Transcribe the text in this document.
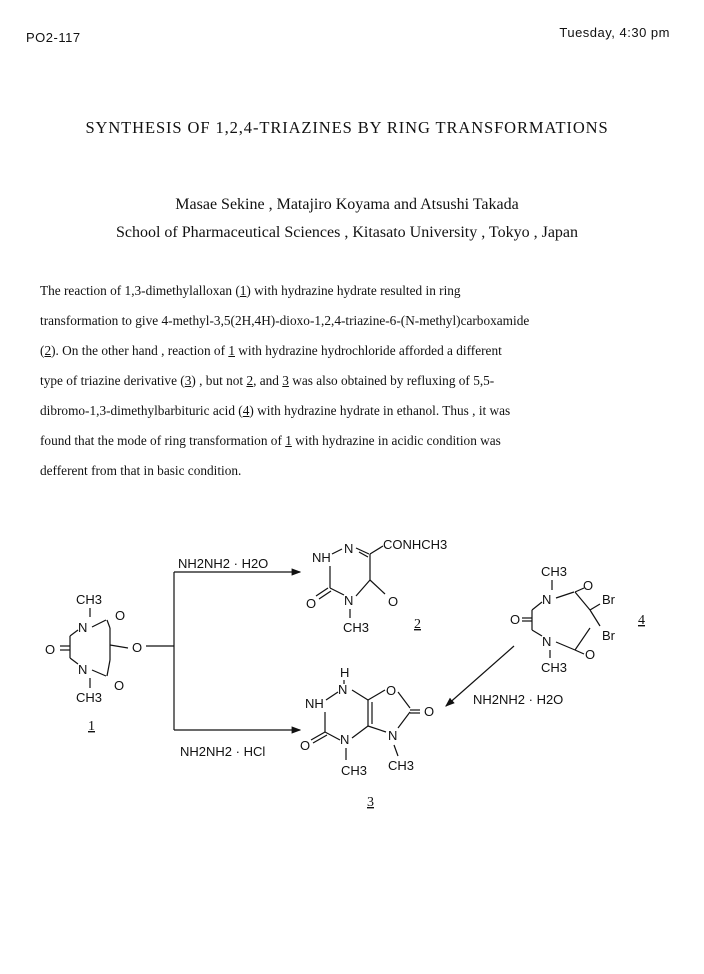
PO2-117	Tuesday, 4:30 pm
SYNTHESIS OF 1,2,4-TRIAZINES BY RING TRANSFORMATIONS
Masae Sekine , Matajiro Koyama and Atsushi Takada
School of Pharmaceutical Sciences , Kitasato University , Tokyo , Japan
The reaction of 1,3-dimethylalloxan (1) with hydrazine hydrate resulted in ring
transformation to give 4-methyl-3,5(2H,4H)-dioxo-1,2,4-triazine-6-(N-methyl)carboxamide
(2). On the other hand , reaction of 1 with hydrazine hydrochloride afforded a different
type of triazine derivative (3) , but not 2, and 3 was also obtained by refluxing of 5,5-
dibromo-1,3-dimethylbarbituric acid (4) with hydrazine hydrate in ethanol. Thus , it was
found that the mode of ring transformation of 1 with hydrazine in acidic condition was
defferent from that in basic condition.
CH3
N
O
O
N
O
O
CH3
1
NH2NH2 · H2O
NH2NH2 · HCl
N
NH
CONHCH3
O N	O
CH3	2
CH3
N
O
Br
Br
O
N
O
CH3
4
NH2NH2 · H2O
H
N
NH
O
O
N
O N
CH3 CH3
3
